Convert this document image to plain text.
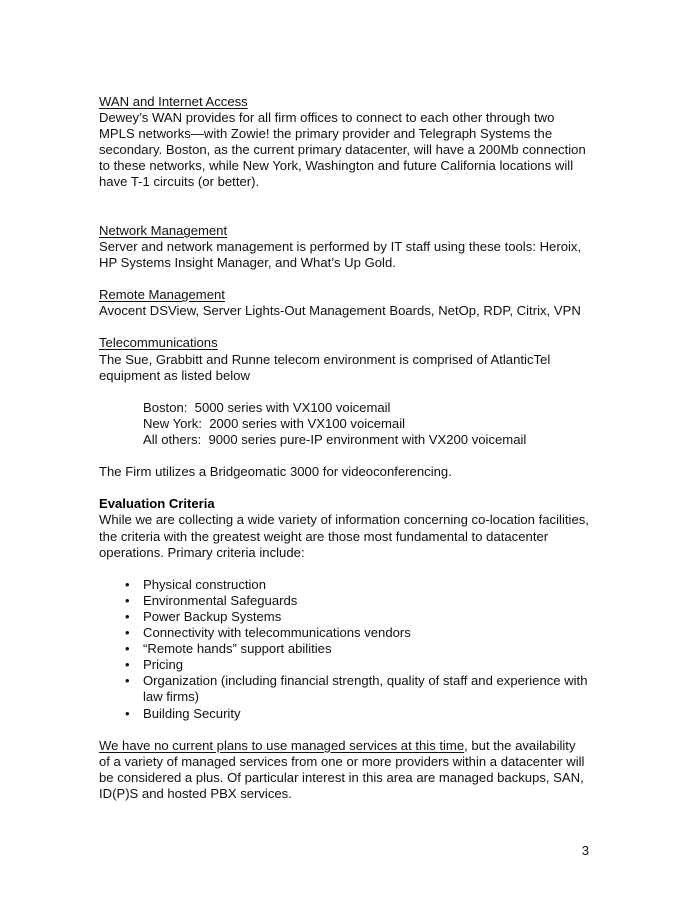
WAN and Internet Access

Dewey’s WAN provides for all firm offices to connect to each other through two MPLS networks—with Zowie! the primary provider and Telegraph Systems the secondary. Boston, as the current primary datacenter, will have a 200Mb connection to these networks, while New York, Washington and future California locations will have T-1 circuits (or better).

Network Management

Server and network management is performed by IT staff using these tools: Heroix, HP Systems Insight Manager, and What’s Up Gold.

Remote Management

Avocent DSView, Server Lights-Out Management Boards, NetOp, RDP, Citrix, VPN

Telecommunications

The Sue, Grabbitt and Runne telecom environment is comprised of AtlanticTel equipment as listed below

Boston:  5000 series with VX100 voicemail

New York:  2000 series with VX100 voicemail

All others:  9000 series pure-IP environment with VX200 voicemail

The Firm utilizes a Bridgeomatic 3000 for videoconferencing.

Evaluation Criteria

While we are collecting a wide variety of information concerning co-location facilities, the criteria with the greatest weight are those most fundamental to datacenter operations. Primary criteria include:

• Physical construction
• Environmental Safeguards
• Power Backup Systems
• Connectivity with telecommunications vendors
• “Remote hands” support abilities
• Pricing
• Organization (including financial strength, quality of staff and experience with law firms)
• Building Security

We have no current plans to use managed services at this time, but the availability of a variety of managed services from one or more providers within a datacenter will be considered a plus. Of particular interest in this area are managed backups, SAN, ID(P)S and hosted PBX services.

3
